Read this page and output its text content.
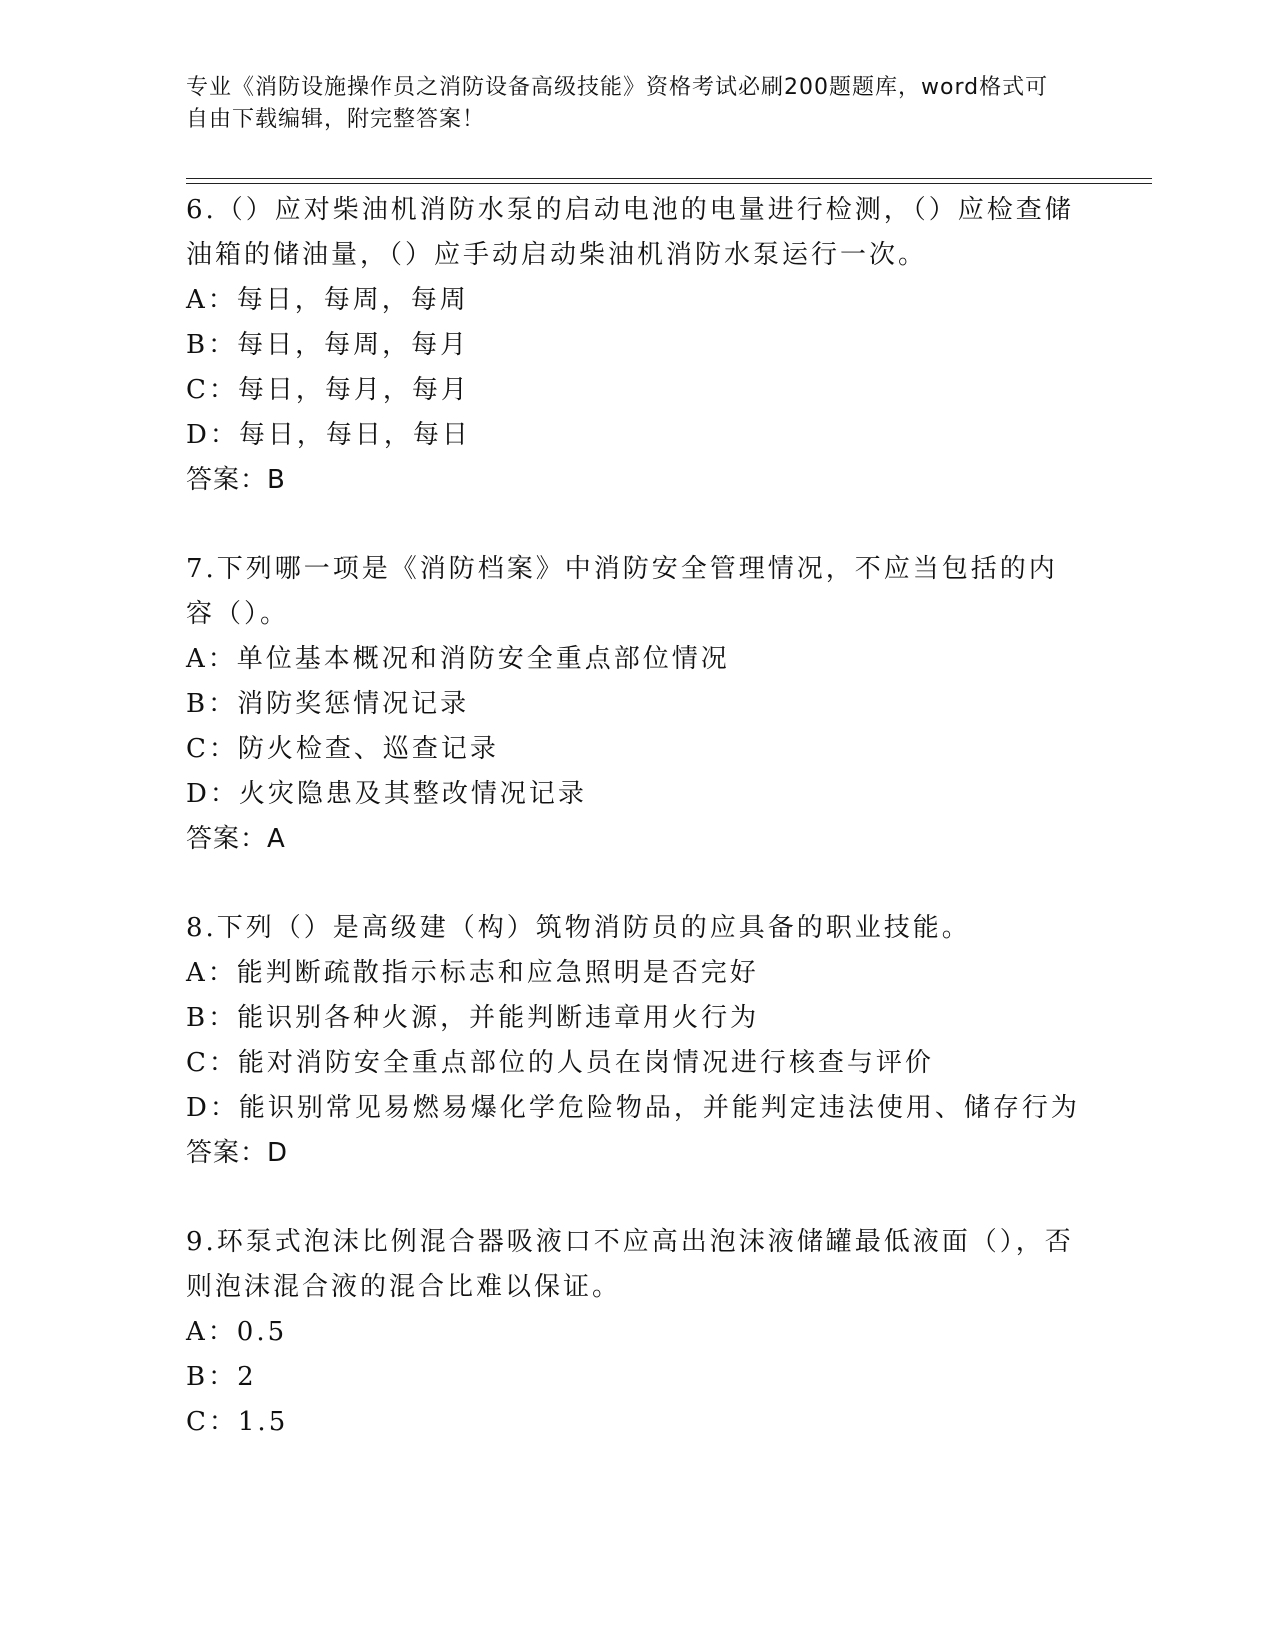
专业《消防设施操作员之消防设备高级技能》资格考试必刷200题题库，word格式可自由下载编辑，附完整答案！

6.（）应对柴油机消防水泵的启动电池的电量进行检测，（）应检查储油箱的储油量，（）应手动启动柴油机消防水泵运行一次。

A：每日，每周，每周

B：每日，每周，每月

C：每日，每月，每月

D：每日，每日，每日

答案：B

7.下列哪一项是《消防档案》中消防安全管理情况，不应当包括的内容（）。

A：单位基本概况和消防安全重点部位情况

B：消防奖惩情况记录

C：防火检查、巡查记录

D：火灾隐患及其整改情况记录

答案：A

8.下列（）是高级建（构）筑物消防员的应具备的职业技能。

A：能判断疏散指示标志和应急照明是否完好

B：能识别各种火源，并能判断违章用火行为

C：能对消防安全重点部位的人员在岗情况进行核查与评价

D：能识别常见易燃易爆化学危险物品，并能判定违法使用、储存行为

答案：D

9.环泵式泡沫比例混合器吸液口不应高出泡沫液储罐最低液面（），否则泡沫混合液的混合比难以保证。

A：0.5

B：2

C：1.5
